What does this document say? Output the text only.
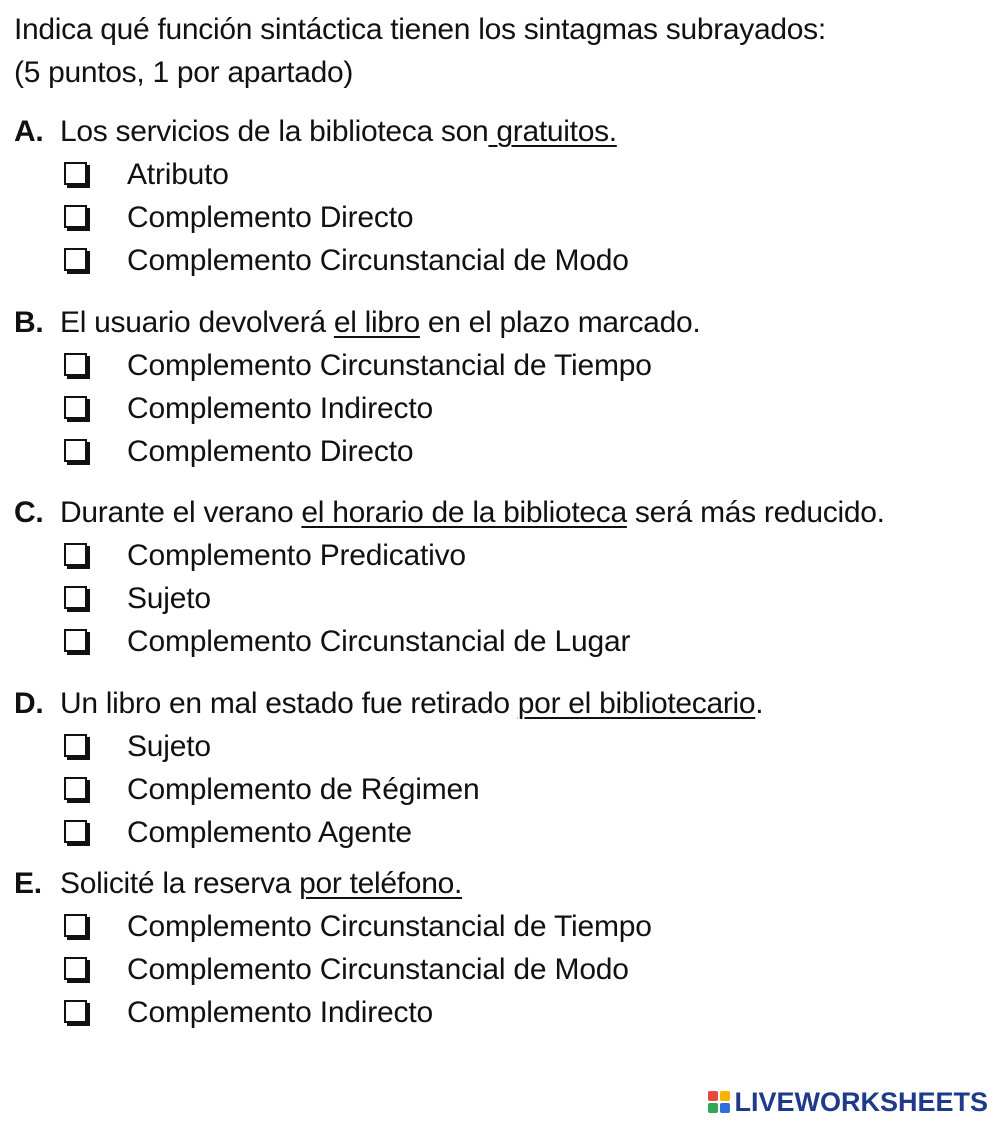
Indica qué función sintáctica tienen los sintagmas subrayados:
(5 puntos, 1 por apartado)
A. Los servicios de la biblioteca son gratuitos.
Atributo
Complemento Directo
Complemento Circunstancial de Modo
B. El usuario devolverá el libro en el plazo marcado.
Complemento Circunstancial de Tiempo
Complemento Indirecto
Complemento Directo
C. Durante el verano el horario de la biblioteca será más reducido.
Complemento Predicativo
Sujeto
Complemento Circunstancial de Lugar
D. Un libro en mal estado fue retirado por el bibliotecario.
Sujeto
Complemento de Régimen
Complemento Agente
E. Solicité la reserva por teléfono.
Complemento Circunstancial de Tiempo
Complemento Circunstancial de Modo
Complemento Indirecto
LIVEWORKSHEETS
